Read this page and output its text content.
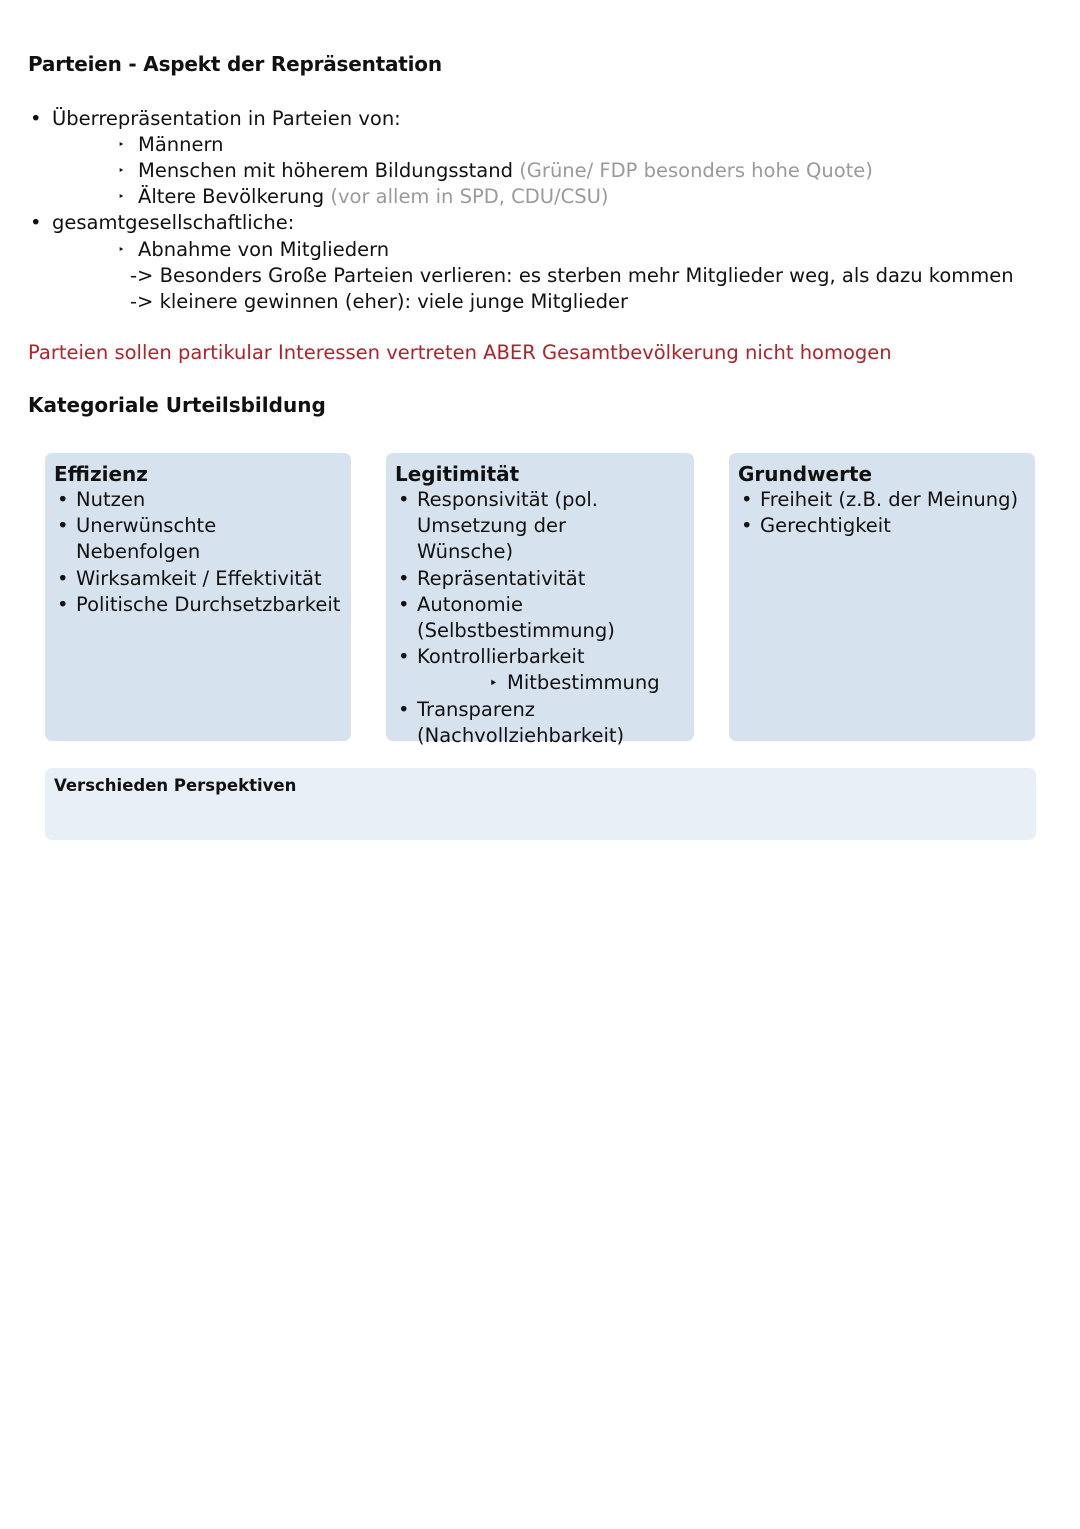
Parteien - Aspekt der Repräsentation
• Überrepräsentation in Parteien von:
‣ Männern
‣ Menschen mit höherem Bildungsstand (Grüne/ FDP besonders hohe Quote)
‣ Ältere Bevölkerung (vor allem in SPD, CDU/CSU)
• gesamtgesellschaftliche:
‣ Abnahme von Mitgliedern
-> Besonders Große Parteien verlieren: es sterben mehr Mitglieder weg, als dazu kommen
-> kleinere gewinnen (eher): viele junge Mitglieder
Parteien sollen partikular Interessen vertreten ABER Gesamtbevölkerung nicht homogen
Kategoriale Urteilsbildung
Effizienz
• Nutzen
• Unerwünschte Nebenfolgen
• Wirksamkeit / Effektivität
• Politische Durchsetzbarkeit
Legitimität
• Responsivität (pol. Umsetzung der Wünsche)
• Repräsentativität
• Autonomie (Selbstbestimmung)
• Kontrollierbarkeit
‣ Mitbestimmung
• Transparenz (Nachvollziehbarkeit)
Grundwerte
• Freiheit (z.B. der Meinung)
• Gerechtigkeit
Verschieden Perspektiven
